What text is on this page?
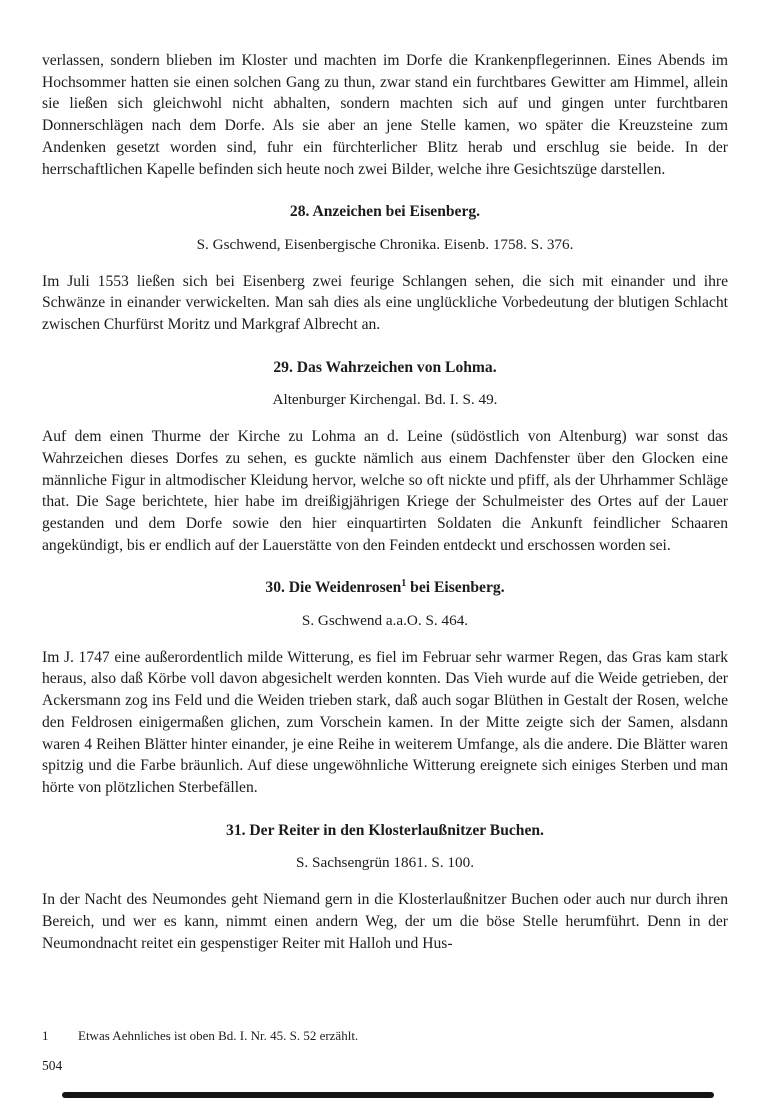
verlassen, sondern blieben im Kloster und machten im Dorfe die Krankenpflegerinnen. Eines Abends im Hochsommer hatten sie einen solchen Gang zu thun, zwar stand ein furchtbares Gewitter am Himmel, allein sie ließen sich gleichwohl nicht abhalten, sondern machten sich auf und gingen unter furchtbaren Donnerschlägen nach dem Dorfe. Als sie aber an jene Stelle kamen, wo später die Kreuzsteine zum Andenken gesetzt worden sind, fuhr ein fürchterlicher Blitz herab und erschlug sie beide. In der herrschaftlichen Kapelle befinden sich heute noch zwei Bilder, welche ihre Gesichtszüge darstellen.

28. Anzeichen bei Eisenberg.

S. Gschwend, Eisenbergische Chronika. Eisenb. 1758. S. 376.

Im Juli 1553 ließen sich bei Eisenberg zwei feurige Schlangen sehen, die sich mit einander und ihre Schwänze in einander verwickelten. Man sah dies als eine unglückliche Vorbedeutung der blutigen Schlacht zwischen Churfürst Moritz und Markgraf Albrecht an.

29. Das Wahrzeichen von Lohma.

Altenburger Kirchengal. Bd. I. S. 49.

Auf dem einen Thurme der Kirche zu Lohma an d. Leine (südöstlich von Altenburg) war sonst das Wahrzeichen dieses Dorfes zu sehen, es guckte nämlich aus einem Dachfenster über den Glocken eine männliche Figur in altmodischer Kleidung hervor, welche so oft nickte und pfiff, als der Uhrhammer Schläge that. Die Sage berichtete, hier habe im dreißigjährigen Kriege der Schulmeister des Ortes auf der Lauer gestanden und dem Dorfe sowie den hier einquartirten Soldaten die Ankunft feindlicher Schaaren angekündigt, bis er endlich auf der Lauerstätte von den Feinden entdeckt und erschossen worden sei.

30. Die Weidenrosen$^1$ bei Eisenberg.

S. Gschwend a.a.O. S. 464.

Im J. 1747 eine außerordentlich milde Witterung, es fiel im Februar sehr warmer Regen, das Gras kam stark heraus, also daß Körbe voll davon abgesichelt werden konnten. Das Vieh wurde auf die Weide getrieben, der Ackersmann zog ins Feld und die Weiden trieben stark, daß auch sogar Blüthen in Gestalt der Rosen, welche den Feldrosen einigermaßen glichen, zum Vorschein kamen. In der Mitte zeigte sich der Samen, alsdann waren 4 Reihen Blätter hinter einander, je eine Reihe in weiterem Umfange, als die andere. Die Blätter waren spitzig und die Farbe bräunlich. Auf diese ungewöhnliche Witterung ereignete sich einiges Sterben und man hörte von plötzlichen Sterbefällen.

31. Der Reiter in den Klosterlaußnitzer Buchen.

S. Sachsengrün 1861. S. 100.

In der Nacht des Neumondes geht Niemand gern in die Klosterlaußnitzer Buchen oder auch nur durch ihren Bereich, und wer es kann, nimmt einen andern Weg, der um die böse Stelle herumführt. Denn in der Neumondnacht reitet ein gespenstiger Reiter mit Halloh und Hus-

1	Etwas Aehnliches ist oben Bd. I. Nr. 45. S. 52 erzählt.
504
